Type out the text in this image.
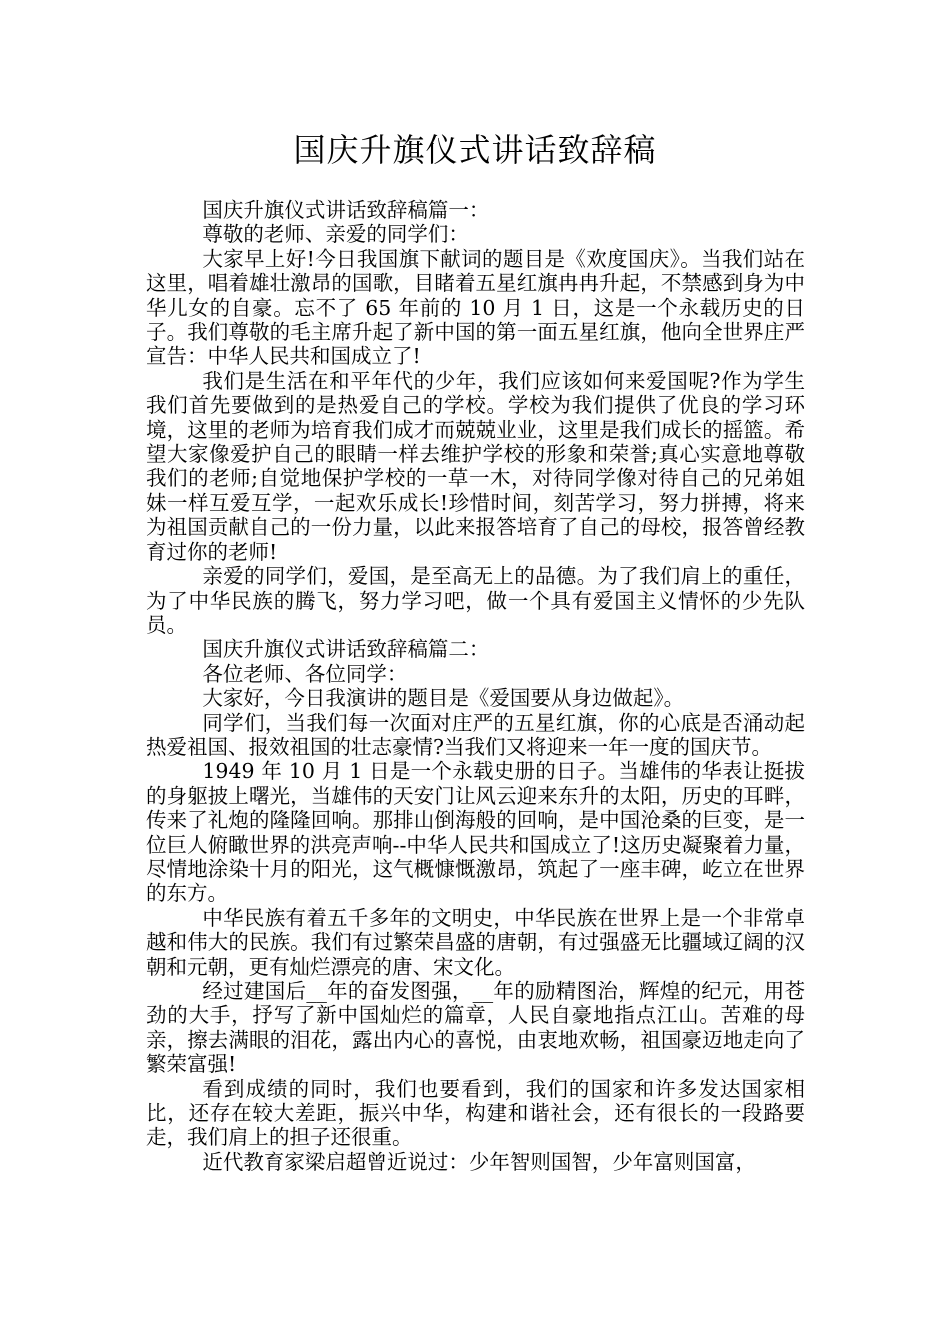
国庆升旗仪式讲话致辞稿

国庆升旗仪式讲话致辞稿篇一：

尊敬的老师、亲爱的同学们：

大家早上好!今日我国旗下献词的题目是《欢度国庆》。当我们站在这里，唱着雄壮激昂的国歌，目睹着五星红旗冉冉升起，不禁感到身为中华儿女的自豪。忘不了 65 年前的 10 月 1 日，这是一个永载历史的日子。我们尊敬的毛主席升起了新中国的第一面五星红旗，他向全世界庄严宣告：中华人民共和国成立了!

我们是生活在和平年代的少年，我们应该如何来爱国呢?作为学生我们首先要做到的是热爱自己的学校。学校为我们提供了优良的学习环境，这里的老师为培育我们成才而兢兢业业，这里是我们成长的摇篮。希望大家像爱护自己的眼睛一样去维护学校的形象和荣誉;真心实意地尊敬我们的老师;自觉地保护学校的一草一木，对待同学像对待自己的兄弟姐妹一样互爱互学，一起欢乐成长!珍惜时间，刻苦学习，努力拼搏，将来为祖国贡献自己的一份力量，以此来报答培育了自己的母校，报答曾经教育过你的老师!

亲爱的同学们，爱国，是至高无上的品德。为了我们肩上的重任，为了中华民族的腾飞，努力学习吧，做一个具有爱国主义情怀的少先队员。

国庆升旗仪式讲话致辞稿篇二：

各位老师、各位同学：

大家好，今日我演讲的题目是《爱国要从身边做起》。

同学们，当我们每一次面对庄严的五星红旗，你的心底是否涌动起热爱祖国、报效祖国的壮志豪情?当我们又将迎来一年一度的国庆节。

1949 年 10 月 1 日是一个永载史册的日子。当雄伟的华表让挺拔的身躯披上曙光，当雄伟的天安门让风云迎来东升的太阳，历史的耳畔，传来了礼炮的隆隆回响。那排山倒海般的回响，是中国沧桑的巨变，是一位巨人俯瞰世界的洪亮声响--中华人民共和国成立了!这历史凝聚着力量，尽情地涂染十月的阳光，这气概慷慨激昂，筑起了一座丰碑，屹立在世界的东方。

中华民族有着五千多年的文明史，中华民族在世界上是一个非常卓越和伟大的民族。我们有过繁荣昌盛的唐朝，有过强盛无比疆域辽阔的汉朝和元朝，更有灿烂漂亮的唐、宋文化。

经过建国后__年的奋发图强，__年的励精图治，辉煌的纪元，用苍劲的大手，抒写了新中国灿烂的篇章，人民自豪地指点江山。苦难的母亲，擦去满眼的泪花，露出内心的喜悦，由衷地欢畅，祖国豪迈地走向了繁荣富强!

看到成绩的同时，我们也要看到，我们的国家和许多发达国家相比，还存在较大差距，振兴中华，构建和谐社会，还有很长的一段路要走，我们肩上的担子还很重。

近代教育家梁启超曾近说过：少年智则国智，少年富则国富，
